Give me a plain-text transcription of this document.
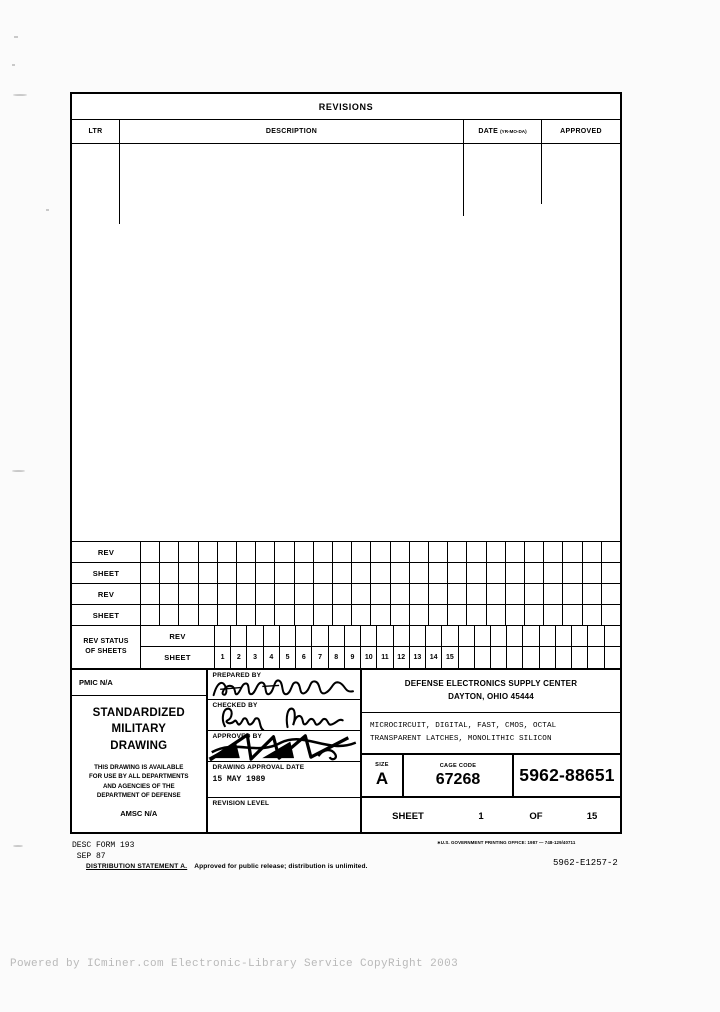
REVISIONS
LTR	DESCRIPTION	DATE (YR-MO-DA)	APPROVED
REV
SHEET
REV
SHEET
REV STATUS
OF SHEETS
REV
SHEET	1	2	3	4	5	6	7	8	9	10	11	12	13	14	15
PMIC N/A
STANDARDIZED
MILITARY
DRAWING
THIS DRAWING IS AVAILABLE
FOR USE BY ALL DEPARTMENTS
AND AGENCIES OF THE
DEPARTMENT OF DEFENSE
AMSC N/A
PREPARED BY
CHECKED BY
APPROVED BY
DRAWING APPROVAL DATE
15 MAY 1989
REVISION LEVEL
DEFENSE ELECTRONICS SUPPLY CENTER
DAYTON, OHIO 45444
MICROCIRCUIT, DIGITAL, FAST, CMOS, OCTAL
TRANSPARENT LATCHES, MONOLITHIC SILICON
SIZE
A
CAGE CODE
67268 5962-88651
SHEET	1	OF	15
DESC FORM 193
SEP 87
∗U.S. GOVERNMENT PRINTING OFFICE: 1987 — 748-129/40711
5962-E1257-2
DISTRIBUTION STATEMENT A. Approved for public release; distribution is unlimited.
Powered by ICminer.com Electronic-Library Service CopyRight 2003
